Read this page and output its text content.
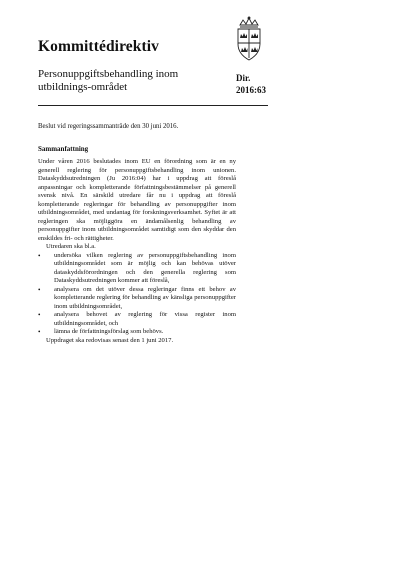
Kommittédirektiv
Personuppgiftsbehandling inom utbildnings-området
Dir.
2016:63
Beslut vid regeringssammanträde den 30 juni 2016.
Sammanfattning

Under våren 2016 beslutades inom EU en förordning som är en ny generell reglering för personuppgiftsbehandling inom unionen. Dataskyddsutredningen (Ju 2016:04) har i uppdrag att föreslå anpassningar och kompletterande författningsbestämmelser på generell svensk nivå. En särskild utredare får nu i uppdrag att föreslå kompletterande regleringar för behandling av personuppgifter inom utbildningsområdet, med undantag för forskningsverksamhet. Syftet är att regleringen ska möjliggöra en ändamålsenlig behandling av personuppgifter inom utbildningsområdet samtidigt som den skyddar den enskildes fri- och rättigheter.

Utredaren ska bl.a.

• undersöka vilken reglering av personuppgiftsbehandling inom utbildningsområdet som är möjlig och kan behövas utöver dataskyddsförordningen och den generella reglering som Dataskyddsutredningen kommer att föreslå,
• analysera om det utöver dessa regleringar finns ett behov av kompletterande reglering för behandling av känsliga personuppgifter inom utbildningsområdet,
• analysera behovet av reglering för vissa register inom utbildningsområdet, och
• lämna de författningsförslag som behövs.

Uppdraget ska redovisas senast den 1 juni 2017.
